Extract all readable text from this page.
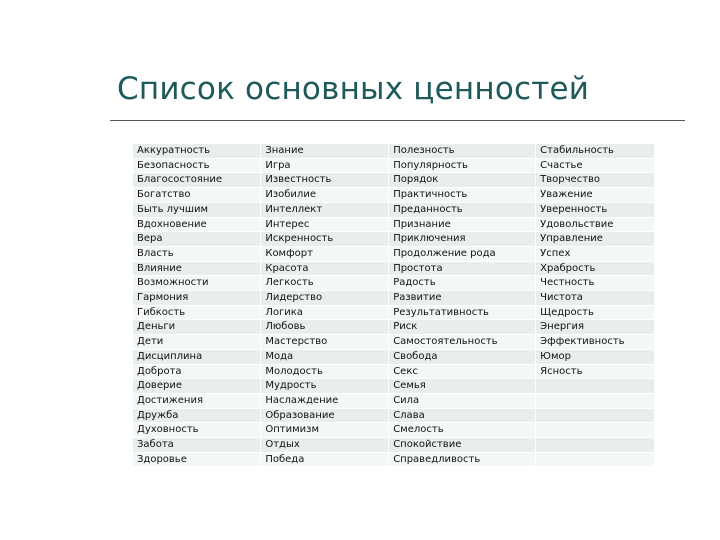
Список основных ценностей
Аккуратность	Знание	Полезность	Стабильность
Безопасность	Игра	Популярность	Счастье
Благосостояние	Известность	Порядок	Творчество
Богатство	Изобилие	Практичность	Уважение
Быть лучшим	Интеллект	Преданность	Уверенность
Вдохновение	Интерес	Признание	Удовольствие
Вера	Искренность	Приключения	Управление
Власть	Комфорт	Продолжение рода	Успех
Влияние	Красота	Простота	Храбрость
Возможности	Легкость	Радость	Честность
Гармония	Лидерство	Развитие	Чистота
Гибкость	Логика	Результативность	Щедрость
Деньги	Любовь	Риск	Энергия
Дети	Мастерство	Самостоятельность	Эффективность
Дисциплина	Мода	Свобода	Юмор
Доброта	Молодость	Секс	Ясность
Доверие	Мудрость	Семья	
Достижения	Наслаждение	Сила	
Дружба	Образование	Слава	
Духовность	Оптимизм	Смелость	
Забота	Отдых	Спокойствие	
Здоровье	Победа	Справедливость	
